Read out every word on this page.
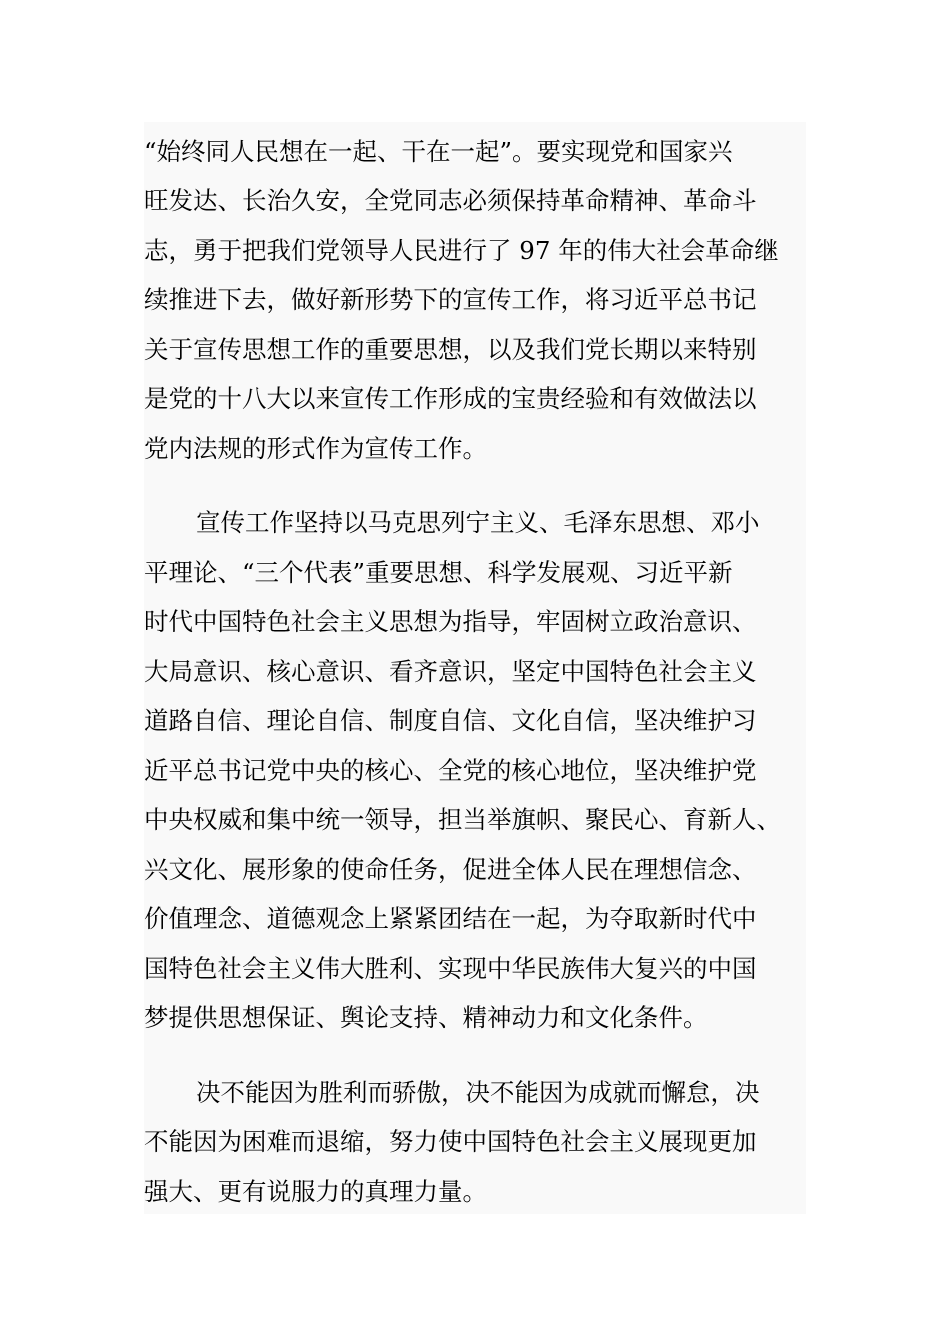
“始终同人民想在一起、干在一起”。要实现党和国家兴
旺发达、长治久安，全党同志必须保持革命精神、革命斗
志，勇于把我们党领导人民进行了 97 年的伟大社会革命继
续推进下去，做好新形势下的宣传工作，将习近平总书记
关于宣传思想工作的重要思想，以及我们党长期以来特别
是党的十八大以来宣传工作形成的宝贵经验和有效做法以
党内法规的形式作为宣传工作。
宣传工作坚持以马克思列宁主义、毛泽东思想、邓小
平理论、“三个代表”重要思想、科学发展观、习近平新
时代中国特色社会主义思想为指导，牢固树立政治意识、
大局意识、核心意识、看齐意识，坚定中国特色社会主义
道路自信、理论自信、制度自信、文化自信，坚决维护习
近平总书记党中央的核心、全党的核心地位，坚决维护党
中央权威和集中统一领导，担当举旗帜、聚民心、育新人、
兴文化、展形象的使命任务，促进全体人民在理想信念、
价值理念、道德观念上紧紧团结在一起，为夺取新时代中
国特色社会主义伟大胜利、实现中华民族伟大复兴的中国
梦提供思想保证、舆论支持、精神动力和文化条件。
决不能因为胜利而骄傲，决不能因为成就而懈怠，决
不能因为困难而退缩，努力使中国特色社会主义展现更加
强大、更有说服力的真理力量。
